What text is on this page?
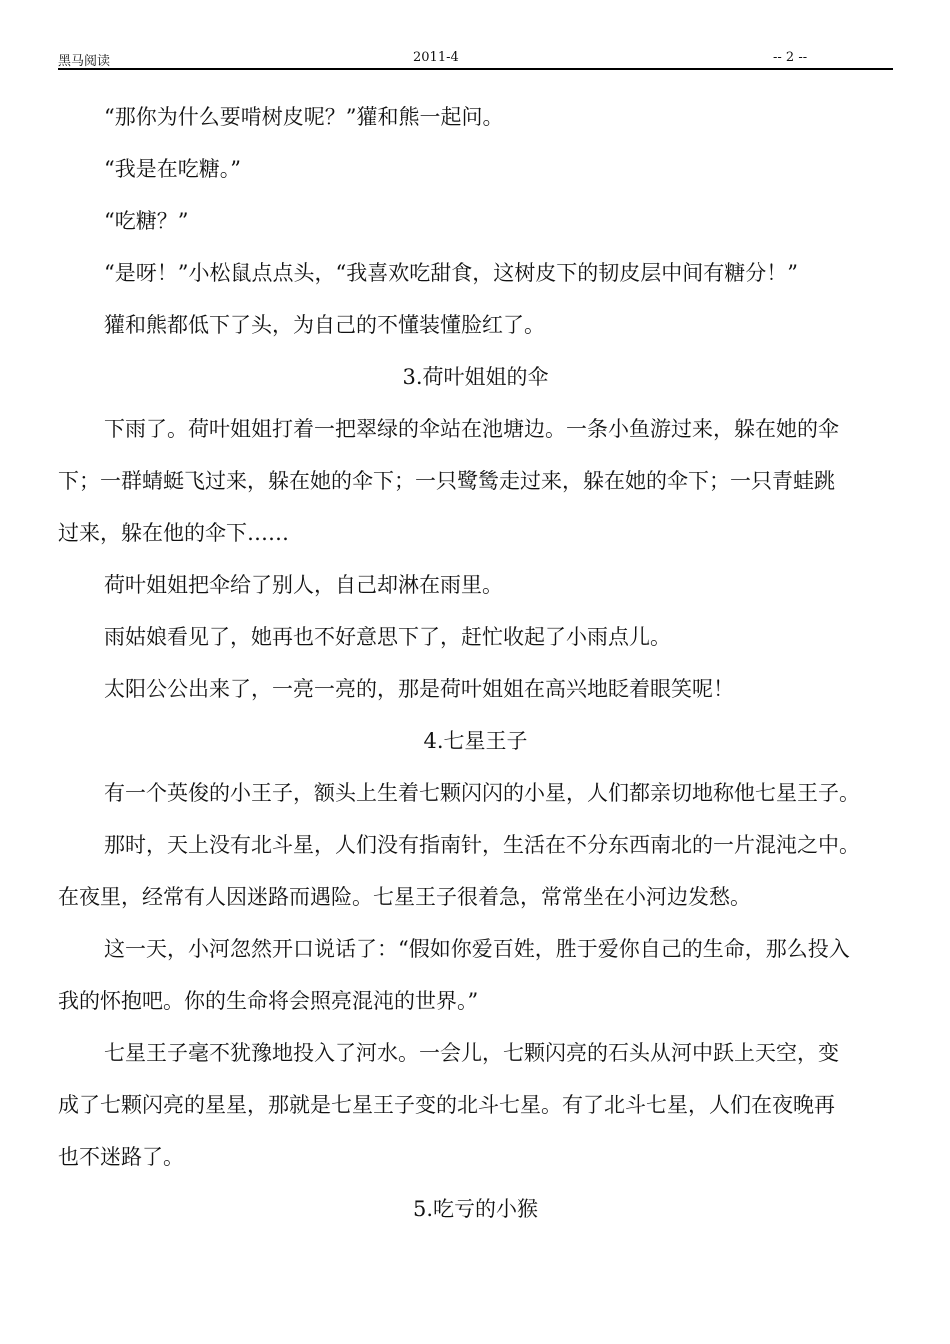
黑马阅读	2011-4	-- 2 --
“那你为什么要啃树皮呢？”獾和熊一起问。
“我是在吃糖。”
“吃糖？”
“是呀！”小松鼠点点头，“我喜欢吃甜食，这树皮下的韧皮层中间有糖分！”
獾和熊都低下了头，为自己的不懂装懂脸红了。
3.荷叶姐姐的伞
下雨了。荷叶姐姐打着一把翠绿的伞站在池塘边。一条小鱼游过来，躲在她的伞
下；一群蜻蜓飞过来，躲在她的伞下；一只鹭鸶走过来，躲在她的伞下；一只青蛙跳
过来，躲在他的伞下……
荷叶姐姐把伞给了别人，自己却淋在雨里。
雨姑娘看见了，她再也不好意思下了，赶忙收起了小雨点儿。
太阳公公出来了，一亮一亮的，那是荷叶姐姐在高兴地眨着眼笑呢！
4.七星王子
有一个英俊的小王子，额头上生着七颗闪闪的小星，人们都亲切地称他七星王子。
那时，天上没有北斗星，人们没有指南针，生活在不分东西南北的一片混沌之中。
在夜里，经常有人因迷路而遇险。七星王子很着急，常常坐在小河边发愁。
这一天，小河忽然开口说话了：“假如你爱百姓，胜于爱你自己的生命，那么投入
我的怀抱吧。你的生命将会照亮混沌的世界。”
七星王子毫不犹豫地投入了河水。一会儿，七颗闪亮的石头从河中跃上天空，变
成了七颗闪亮的星星，那就是七星王子变的北斗七星。有了北斗七星，人们在夜晚再
也不迷路了。
5.吃亏的小猴
